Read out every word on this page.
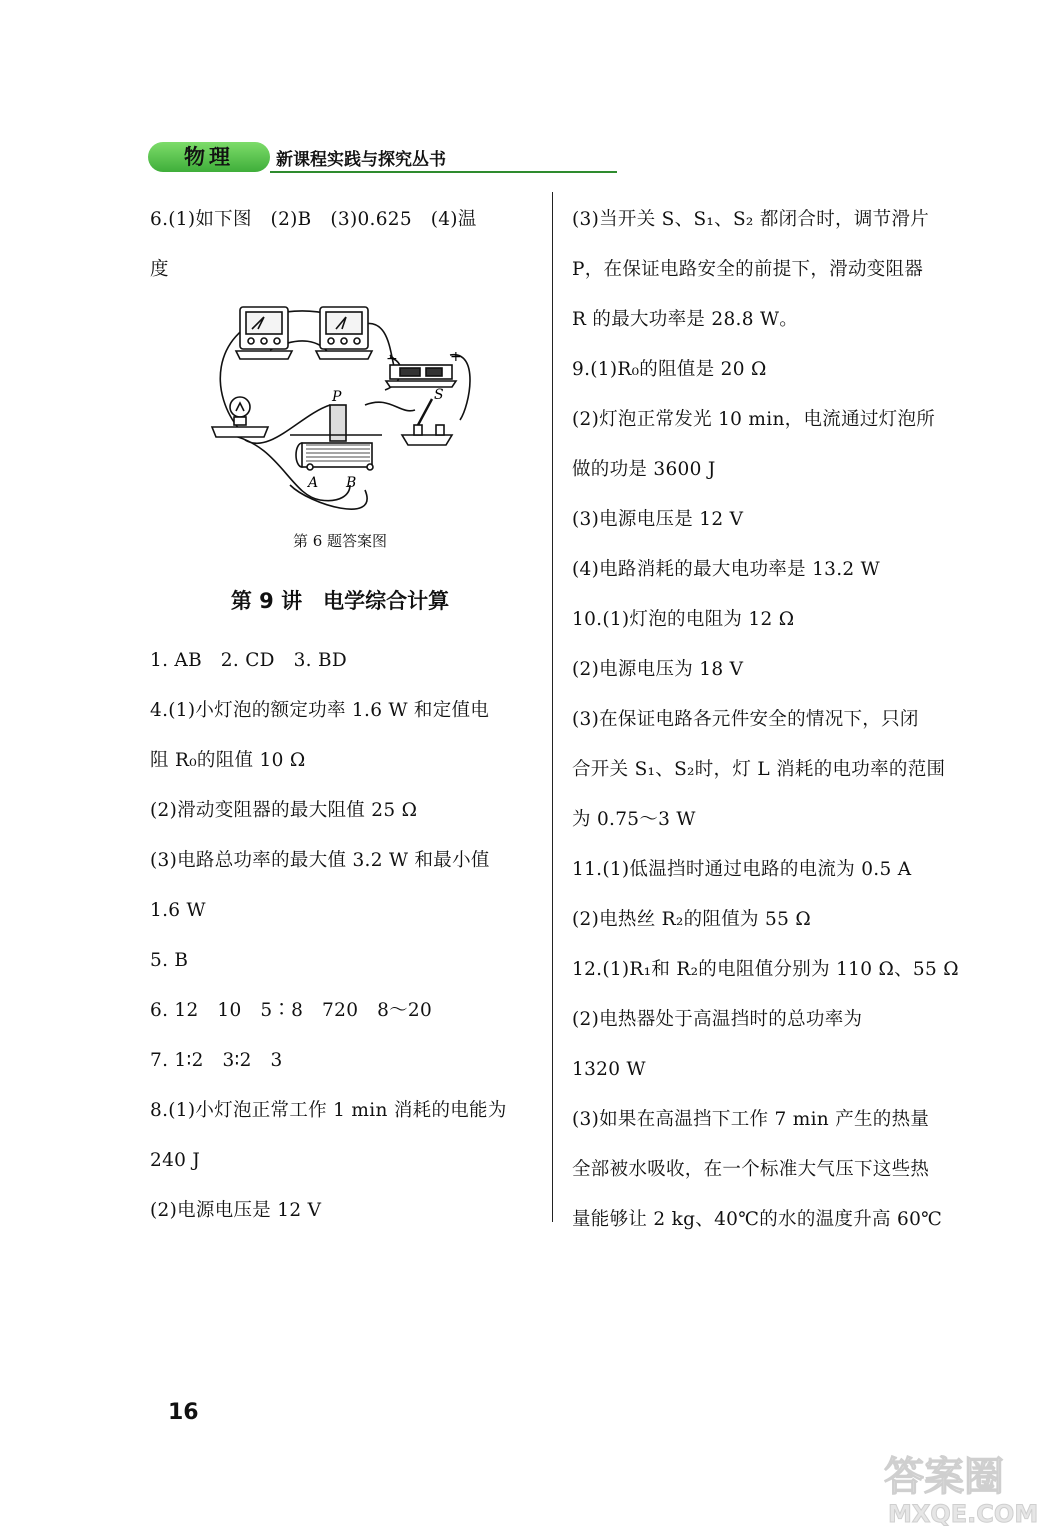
物理	新课程实践与探究丛书
6.(1)如下图　(2)B　(3)0.625　(4)温
度
−	+
P
A B
S
第 6 题答案图
第 9 讲　电学综合计算
1. AB　2. CD　3. BD
4.(1)小灯泡的额定功率 1.6 W 和定值电
阻 R₀的阻值 10 Ω
(2)滑动变阻器的最大阻值 25 Ω
(3)电路总功率的最大值 3.2 W 和最小值
1.6 W
5. B
6. 12　10　5∶8　720　8～20
7. 1∶2　3∶2　3
8.(1)小灯泡正常工作 1 min 消耗的电能为
240 J
(2)电源电压是 12 V
(3)当开关 S、S₁、S₂ 都闭合时，调节滑片
P，在保证电路安全的前提下，滑动变阻器
R 的最大功率是 28.8 W。
9.(1)R₀的阻值是 20 Ω
(2)灯泡正常发光 10 min，电流通过灯泡所
做的功是 3600 J
(3)电源电压是 12 V
(4)电路消耗的最大电功率是 13.2 W
10.(1)灯泡的电阻为 12 Ω
(2)电源电压为 18 V
(3)在保证电路各元件安全的情况下，只闭
合开关 S₁、S₂时，灯 L 消耗的电功率的范围
为 0.75～3 W
11.(1)低温挡时通过电路的电流为 0.5 A
(2)电热丝 R₂的阻值为 55 Ω
12.(1)R₁和 R₂的电阻值分别为 110 Ω、55 Ω
(2)电热器处于高温挡时的总功率为
1320 W
(3)如果在高温挡下工作 7 min 产生的热量
全部被水吸收，在一个标准大气压下这些热
量能够让 2 kg、40℃的水的温度升高 60℃
16
答案圈
MXQE.COM
